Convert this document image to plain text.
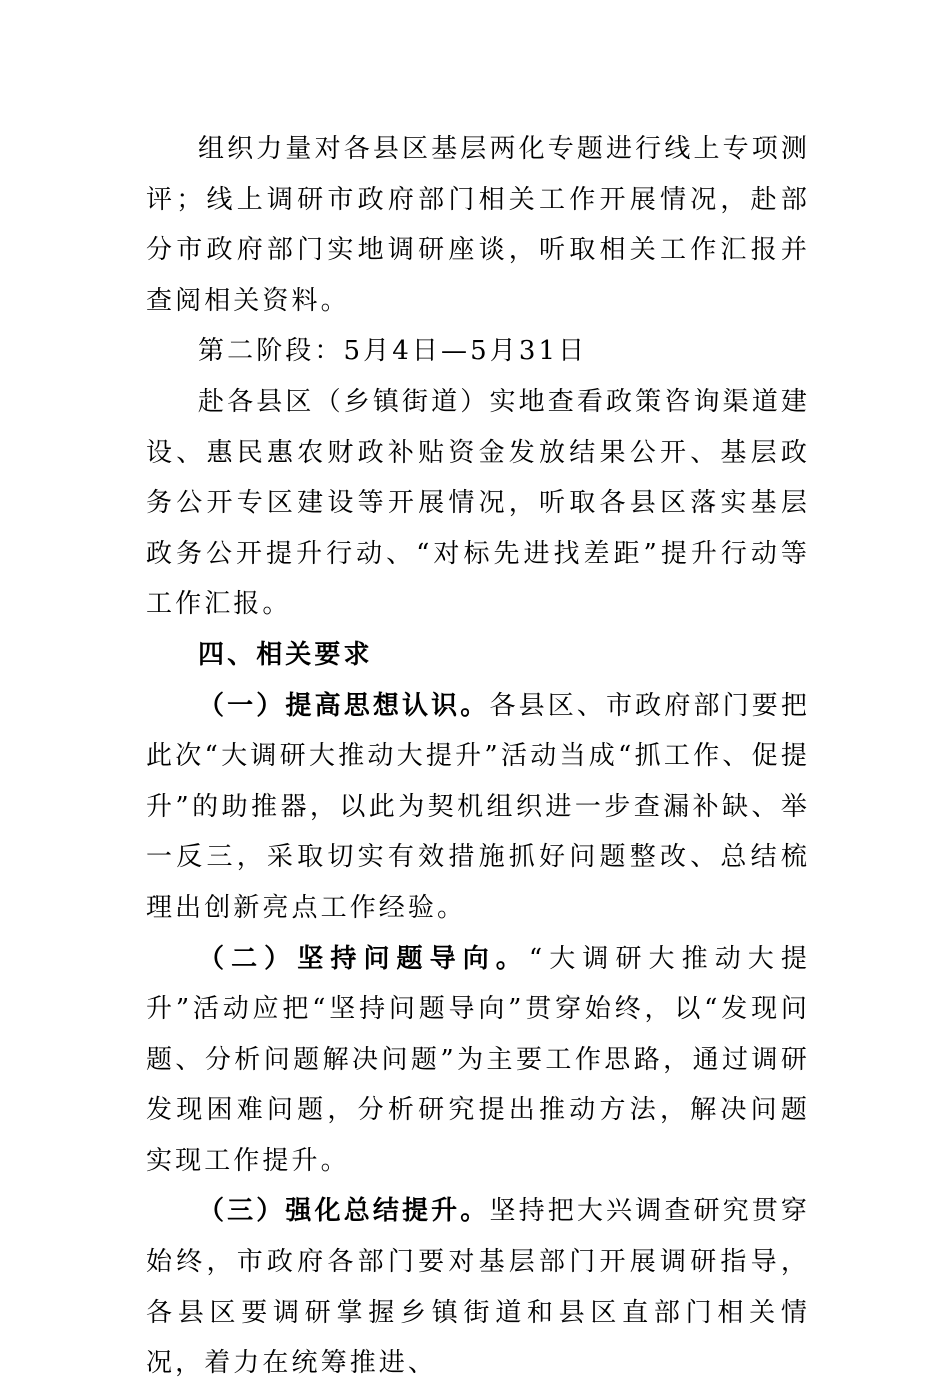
组织力量对各县区基层两化专题进行线上专项测评；线上调研市政府部门相关工作开展情况，赴部分市政府部门实地调研座谈，听取相关工作汇报并查阅相关资料。

第二阶段：5月4日—5月31日

赴各县区（乡镇街道）实地查看政策咨询渠道建设、惠民惠农财政补贴资金发放结果公开、基层政务公开专区建设等开展情况，听取各县区落实基层政务公开提升行动、“对标先进找差距”提升行动等工作汇报。

四、相关要求

（一）提高思想认识。各县区、市政府部门要把此次“大调研大推动大提升”活动当成“抓工作、促提升”的助推器，以此为契机组织进一步查漏补缺、举一反三，采取切实有效措施抓好问题整改、总结梳理出创新亮点工作经验。

（二）坚持问题导向。“大调研大推动大提升”活动应把“坚持问题导向”贯穿始终，以“发现问题、分析问题解决问题”为主要工作思路，通过调研发现困难问题，分析研究提出推动方法，解决问题实现工作提升。

（三）强化总结提升。坚持把大兴调查研究贯穿始终，市政府各部门要对基层部门开展调研指导，各县区要调研掌握乡镇街道和县区直部门相关情况，着力在统筹推进、
